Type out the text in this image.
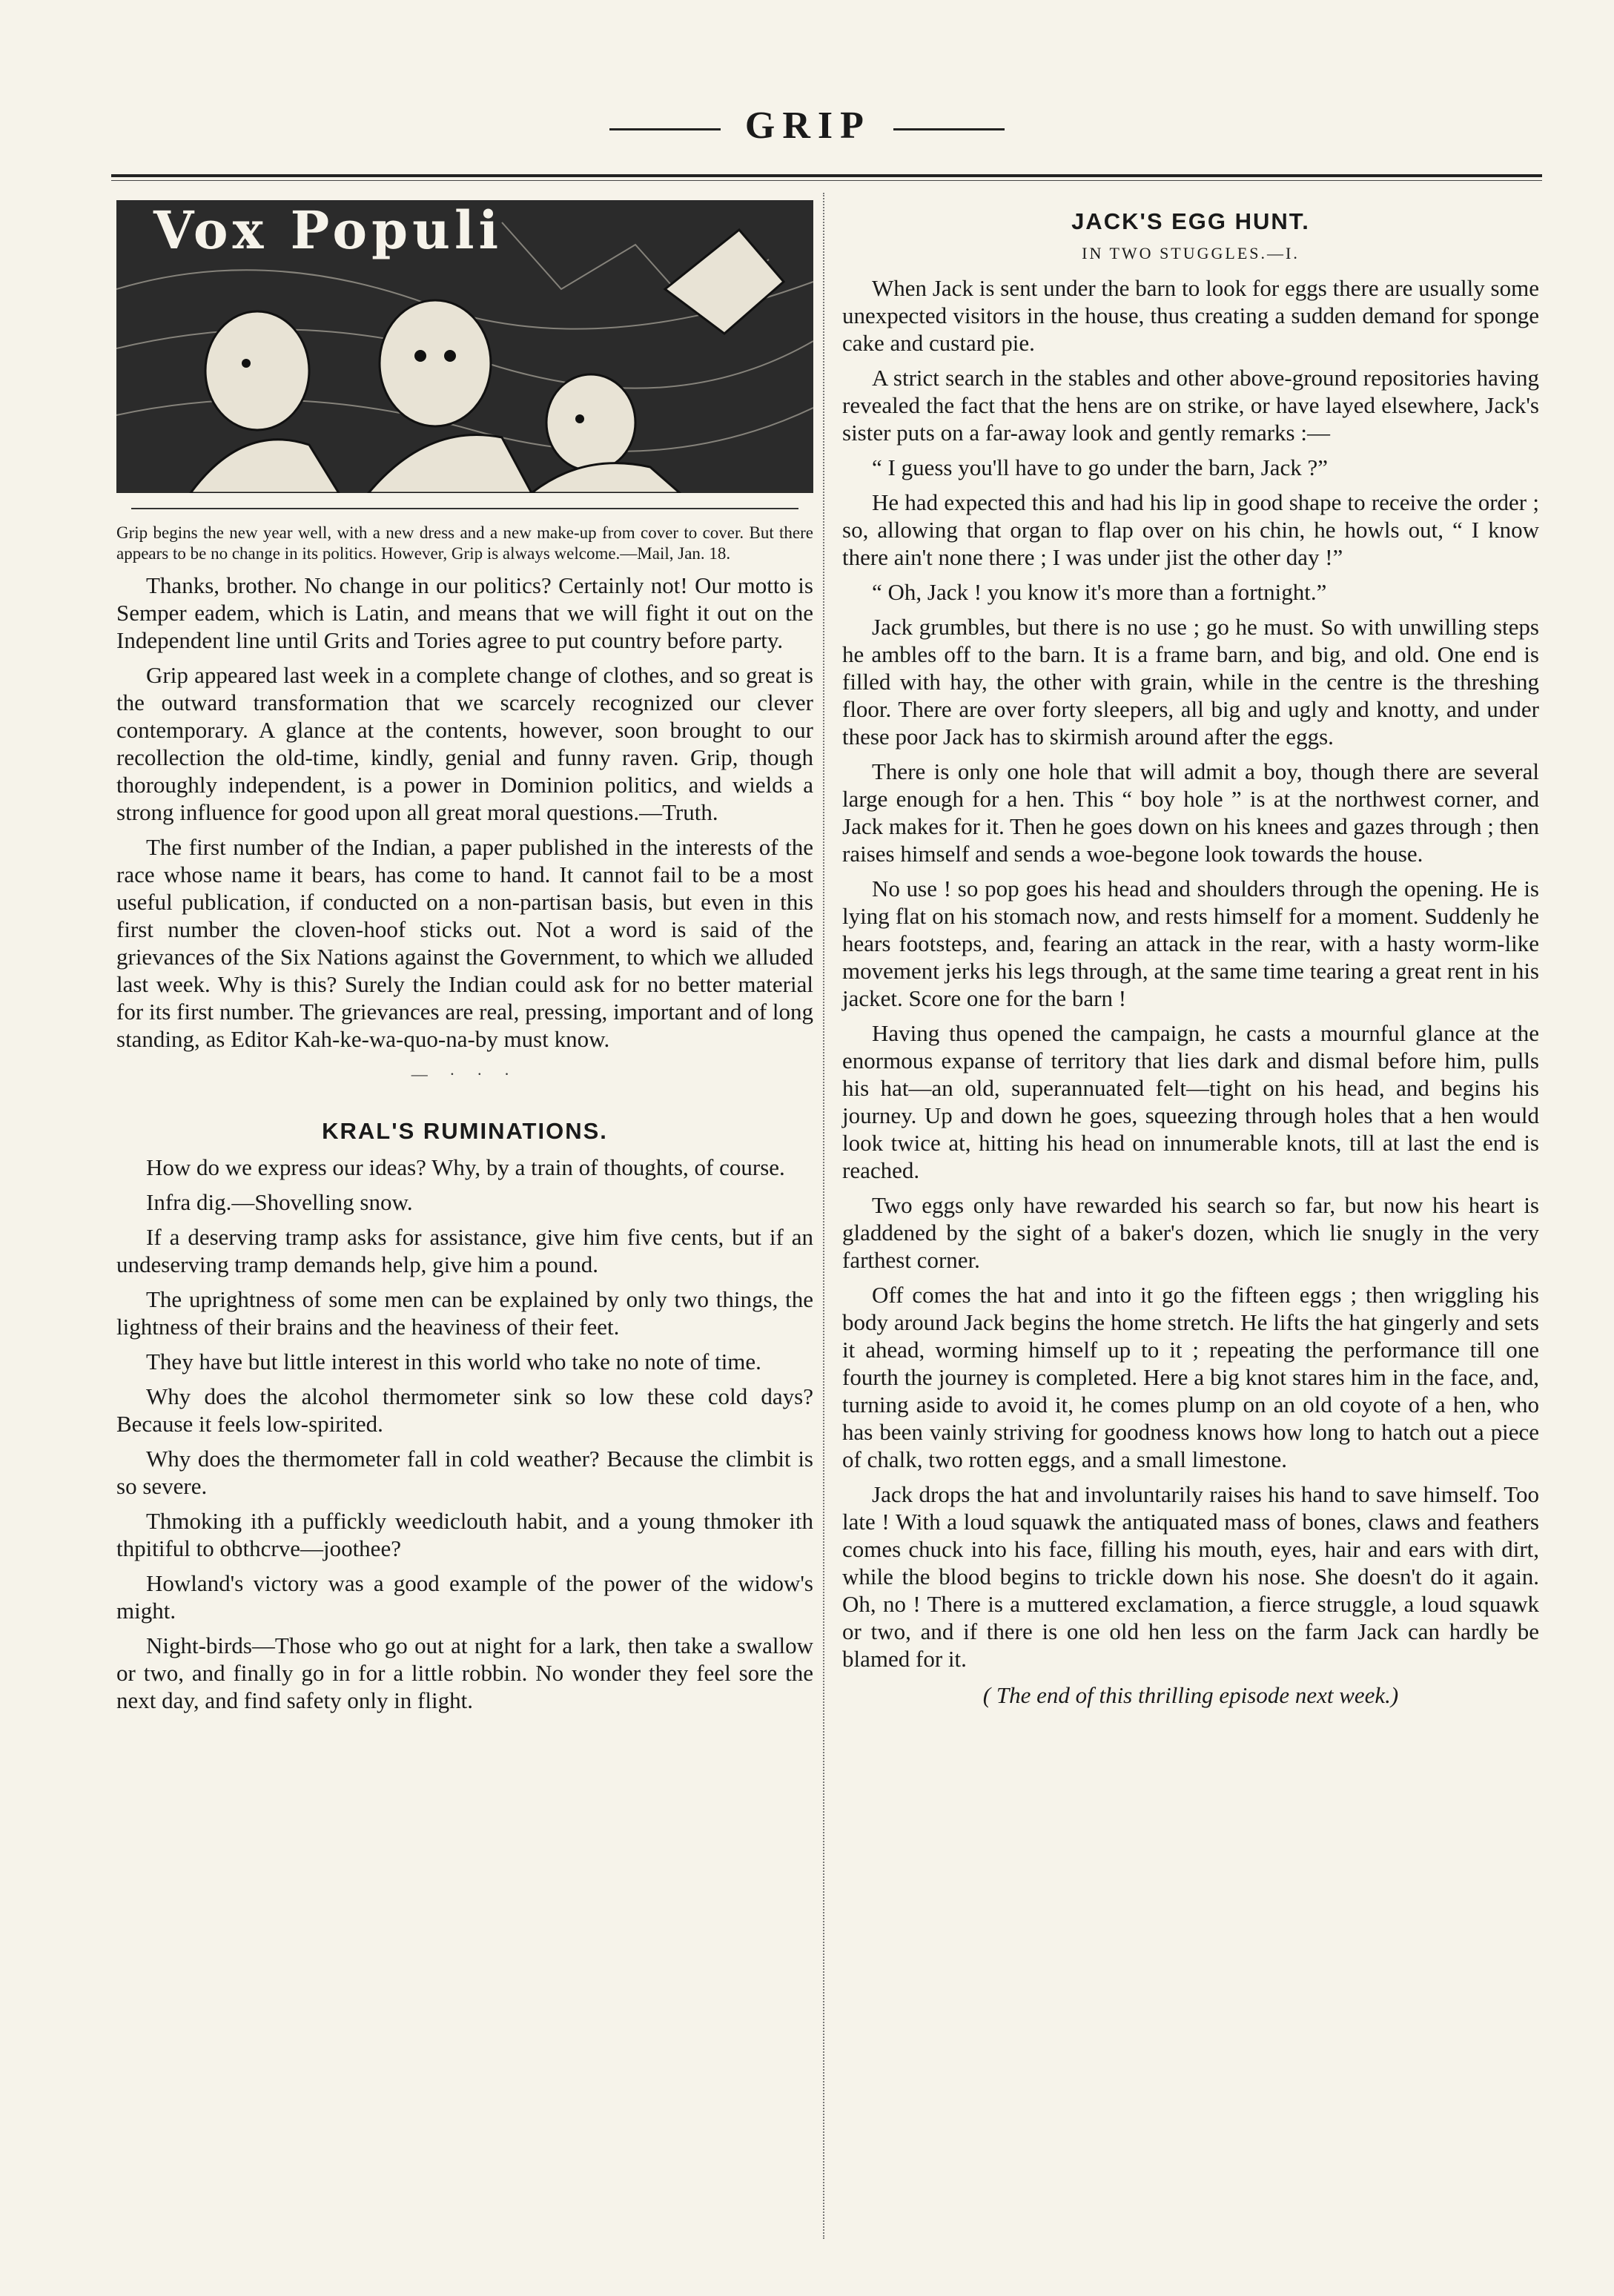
GRIP
Vox Populi

Grip begins the new year well, with a new dress and a new make-up from cover to cover. But there appears to be no change in its politics. However, Grip is always welcome.—Mail, Jan. 18.

Thanks, brother. No change in our politics? Certainly not! Our motto is Semper eadem, which is Latin, and means that we will fight it out on the Independent line until Grits and Tories agree to put country before party.

Grip appeared last week in a complete change of clothes, and so great is the outward transformation that we scarcely recognized our clever contemporary. A glance at the contents, however, soon brought to our recollection the old-time, kindly, genial and funny raven. Grip, though thoroughly independent, is a power in Dominion politics, and wields a strong influence for good upon all great moral questions.—Truth.

The first number of the Indian, a paper published in the interests of the race whose name it bears, has come to hand. It cannot fail to be a most useful publication, if conducted on a non-partisan basis, but even in this first number the cloven-hoof sticks out. Not a word is said of the grievances of the Six Nations against the Government, to which we alluded last week. Why is this? Surely the Indian could ask for no better material for its first number. The grievances are real, pressing, important and of long standing, as Editor Kah-ke-wa-quo-na-by must know.

— · · ·
KRAL'S RUMINATIONS.

How do we express our ideas? Why, by a train of thoughts, of course.

Infra dig.—Shovelling snow.

If a deserving tramp asks for assistance, give him five cents, but if an undeserving tramp demands help, give him a pound.

The uprightness of some men can be explained by only two things, the lightness of their brains and the heaviness of their feet.

They have but little interest in this world who take no note of time.

Why does the alcohol thermometer sink so low these cold days? Because it feels low-spirited.

Why does the thermometer fall in cold weather? Because the climbit is so severe.

Thmoking ith a puffickly weediclouth habit, and a young thmoker ith thpitiful to obthcrve—joothee?

Howland's victory was a good example of the power of the widow's might.

Night-birds—Those who go out at night for a lark, then take a swallow or two, and finally go in for a little robbin. No wonder they feel sore the next day, and find safety only in flight.

JACK'S EGG HUNT.
IN TWO STUGGLES.—I.

When Jack is sent under the barn to look for eggs there are usually some unexpected visitors in the house, thus creating a sudden demand for sponge cake and custard pie.

A strict search in the stables and other above-ground repositories having revealed the fact that the hens are on strike, or have layed elsewhere, Jack's sister puts on a far-away look and gently remarks :—

“ I guess you'll have to go under the barn, Jack ?”

He had expected this and had his lip in good shape to receive the order ; so, allowing that organ to flap over on his chin, he howls out, “ I know there ain't none there ; I was under jist the other day !”

“ Oh, Jack ! you know it's more than a fortnight.”

Jack grumbles, but there is no use ; go he must. So with unwilling steps he ambles off to the barn. It is a frame barn, and big, and old. One end is filled with hay, the other with grain, while in the centre is the threshing floor. There are over forty sleepers, all big and ugly and knotty, and under these poor Jack has to skirmish around after the eggs.

There is only one hole that will admit a boy, though there are several large enough for a hen. This “ boy hole ” is at the northwest corner, and Jack makes for it. Then he goes down on his knees and gazes through ; then raises himself and sends a woe-begone look towards the house.

No use ! so pop goes his head and shoulders through the opening. He is lying flat on his stomach now, and rests himself for a moment. Suddenly he hears footsteps, and, fearing an attack in the rear, with a hasty worm-like movement jerks his legs through, at the same time tearing a great rent in his jacket. Score one for the barn !

Having thus opened the campaign, he casts a mournful glance at the enormous expanse of territory that lies dark and dismal before him, pulls his hat—an old, superannuated felt—tight on his head, and begins his journey. Up and down he goes, squeezing through holes that a hen would look twice at, hitting his head on innumerable knots, till at last the end is reached.

Two eggs only have rewarded his search so far, but now his heart is gladdened by the sight of a baker's dozen, which lie snugly in the very farthest corner.

Off comes the hat and into it go the fifteen eggs ; then wriggling his body around Jack begins the home stretch. He lifts the hat gingerly and sets it ahead, worming himself up to it ; repeating the performance till one fourth the journey is completed. Here a big knot stares him in the face, and, turning aside to avoid it, he comes plump on an old coyote of a hen, who has been vainly striving for goodness knows how long to hatch out a piece of chalk, two rotten eggs, and a small limestone.

Jack drops the hat and involuntarily raises his hand to save himself. Too late ! With a loud squawk the antiquated mass of bones, claws and feathers comes chuck into his face, filling his mouth, eyes, hair and ears with dirt, while the blood begins to trickle down his nose. She doesn't do it again. Oh, no ! There is a muttered exclamation, a fierce struggle, a loud squawk or two, and if there is one old hen less on the farm Jack can hardly be blamed for it.

( The end of this thrilling episode next week.)
